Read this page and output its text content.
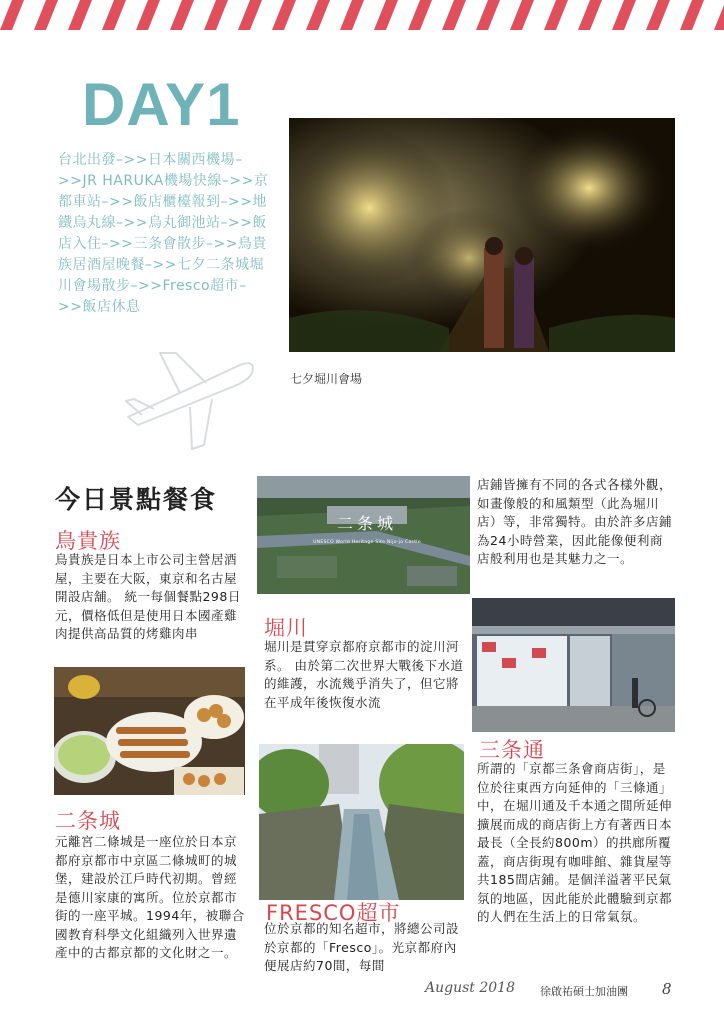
DAY1
台北出發–>>日本關西機場–>>JR HARUKA機場快線–>>京都車站–>>飯店櫃檯報到–>>地鐵烏丸線–>>烏丸御池站–>>飯店入住–>>三条會散步–>>鳥貴族居酒屋晚餐–>>七夕二条城堀川會場散步–>>Fresco超市–>>飯店休息
七夕堀川會場
今日景點餐食
鳥貴族
鳥貴族是日本上市公司主營居酒屋，主要在大阪，東京和名古屋開設店舖。 統一每個餐點298日元，價格低但是使用日本國產雞肉提供高品質的烤雞肉串
二条城
元離宮二條城是一座位於日本京都府京都市中京區二條城町的城堡，建設於江戶時代初期。曾經是德川家康的寓所。位於京都市街的一座平城。1994年，被聯合國教育科學文化組織列入世界遺產中的古都京都的文化財之一。
二条城
UNESCO World Heritage Site Nijo-jo Castle
堀川
堀川是貫穿京都府京都市的淀川河系。 由於第二次世界大戰後下水道的維護，水流幾乎消失了，但它將在平成年後恢復水流
FRESCO超市
位於京都的知名超市，將總公司設於京都的「Fresco」。光京都府內便展店約70間，每間
店鋪皆擁有不同的各式各樣外觀，如畫像般的和風類型（此為堀川店）等，非常獨特。由於許多店鋪為24小時營業，因此能像便利商店般利用也是其魅力之一。
三条通
所謂的「京都三条會商店街」，是位於往東西方向延伸的「三條通」中，在堀川通及千本通之間所延伸擴展而成的商店街上方有著西日本最長（全長約800m）的拱廊所覆蓋，商店街現有咖啡館、雜貨屋等共185間店鋪。是個洋溢著平民氣氛的地區，因此能於此體驗到京都的人們在生活上的日常氣氛。
August 2018 徐啟祐碩士加油團 8
